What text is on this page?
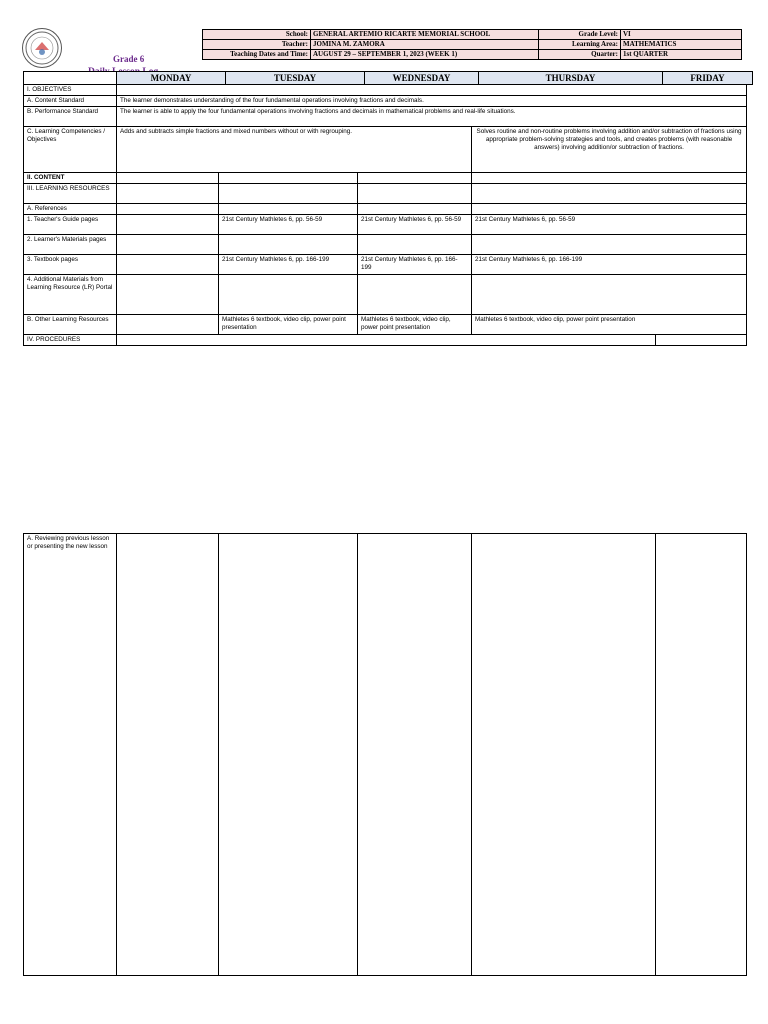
Grade 6
School:	GENERAL ARTEMIO RICARTE MEMORIAL SCHOOL	Grade Level:	VI
Teacher:	JOMINA M. ZAMORA	Learning Area:	MATHEMATICS
Teaching Dates and Time:	AUGUST 29 – SEPTEMBER 1, 2023 (WEEK 1)	Quarter:	1st QUARTER
	MONDAY	TUESDAY	WEDNESDAY	THURSDAY	FRIDAY
I. OBJECTIVES					
A. Content Standard	The learner demonstrates understanding of the four fundamental operations involving fractions and decimals.				
B. Performance Standard	The learner is able to apply the four fundamental operations involving fractions and decimals in mathematical problems and real-life situations.				
C. Learning Competencies / Objectives	Adds and subtracts simple fractions and mixed numbers without or with regrouping.			Solves routine and non-routine problems involving addition and/or subtraction of fractions using appropriate problem-solving strategies and tools, and creates problems (with reasonable answers) involving addition/or subtraction of fractions.	
II. CONTENT					
III. LEARNING RESOURCES					
A. References					
1. Teacher's Guide pages		21st Century Mathletes 6, pp. 56-59	21st Century Mathletes 6, pp. 56-59	21st Century Mathletes 6, pp. 56-59	
2. Learner's Materials pages					
3. Textbook pages		21st Century Mathletes 6, pp. 166-199	21st Century Mathletes 6, pp. 166-199	21st Century Mathletes 6, pp. 166-199	
4. Additional Materials from Learning Resource (LR) Portal					
B. Other Learning Resources		Mathletes 6 textbook, video clip, power point presentation	Mathletes 6 textbook, video clip, power point presentation	Mathletes 6 textbook, video clip, power point presentation	
IV. PROCEDURES					
A. Reviewing previous lesson or presenting the new lesson					
